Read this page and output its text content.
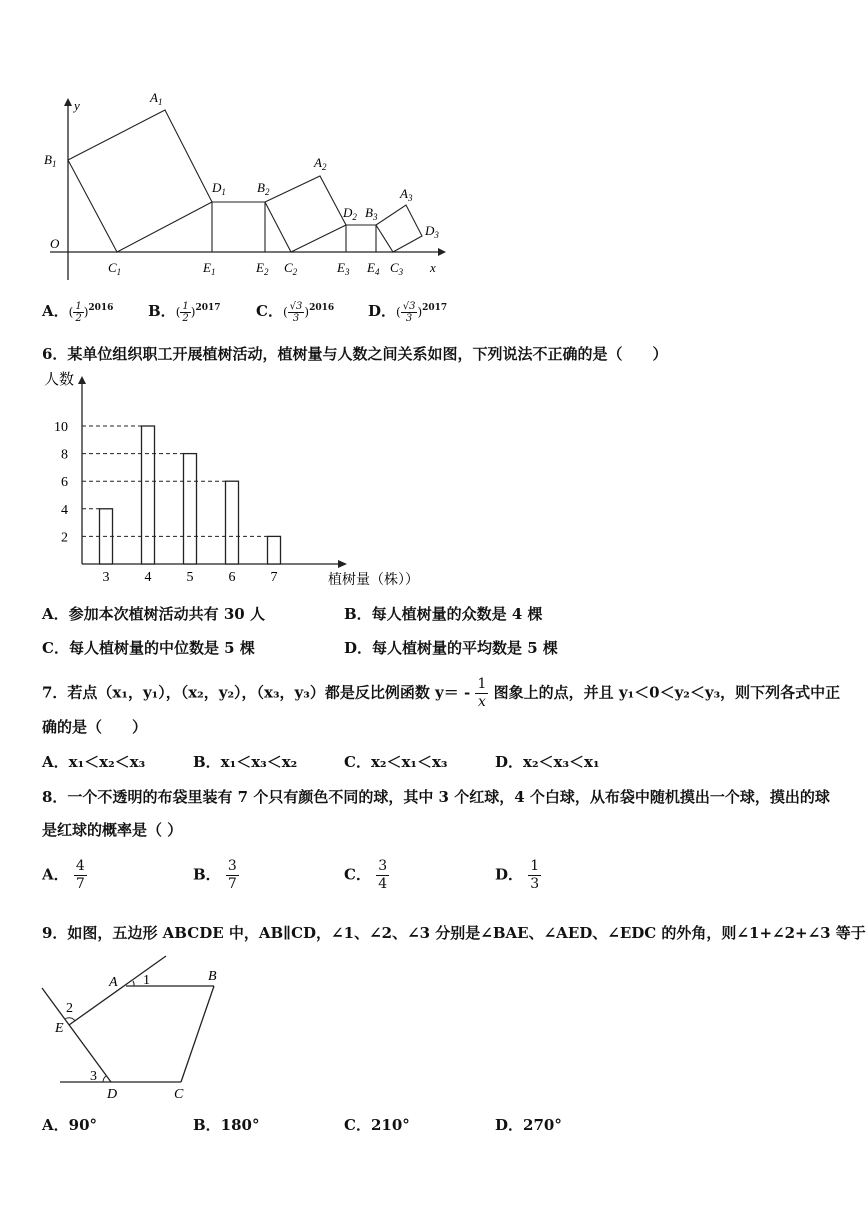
y
O
x
$A_1$
$B_1$
$C_1$
$D_1$
$E_1$
$B_2$
$E_2$
$A_2$
$C_2$
$D_2$ $B_3$
$E_3$ $E_4$ $C_3$
$A_3$
$D_3$
A．( $\frac{1}{2} )^{2016}$ B．( $\frac{1}{2} )^{2017}$ C．( $\frac{√3}{3} )^{2016}$ D．( $\frac{√3}{3} )^{2017}$
6．某单位组织职工开展植树活动，植树量与人数之间关系如图，下列说法不正确的是（　　）
人数
植树量（株））
2
4
6
8
10
3	4	5	6	7
A．参加本次植树活动共有 30 人	B．每人植树量的众数是 4 棵
C．每人植树量的中位数是 5 棵	D．每人植树量的平均数是 5 棵
7．若点（x₁，y₁），（x₂，y₂），（x₃，y₃）都是反比例函数 $y= - \frac{1}{x}$ 图象上的点，并且 y₁＜0＜y₂＜y₃，则下列各式中正
确的是（　　）
A．x₁＜x₂＜x₃	B．x₁＜x₃＜x₂	C．x₂＜x₁＜x₃	D．x₂＜x₃＜x₁
8．一个不透明的布袋里装有 7 个只有颜色不同的球，其中 3 个红球，4 个白球，从布袋中随机摸出一个球，摸出的球
是红球的概率是（ ）
A． $\frac{4}{7}$	B． $\frac{3}{7}$	C． $\frac{3}{4}$	D． $\frac{1}{3}$
9．如图，五边形 ABCDE 中，AB∥CD，∠1、∠2、∠3 分别是∠BAE、∠AED、∠EDC 的外角，则∠1+∠2+∠3 等于
A	B
C
D
E
1
2
3
A．90°	B．180°	C．210°	D．270°
